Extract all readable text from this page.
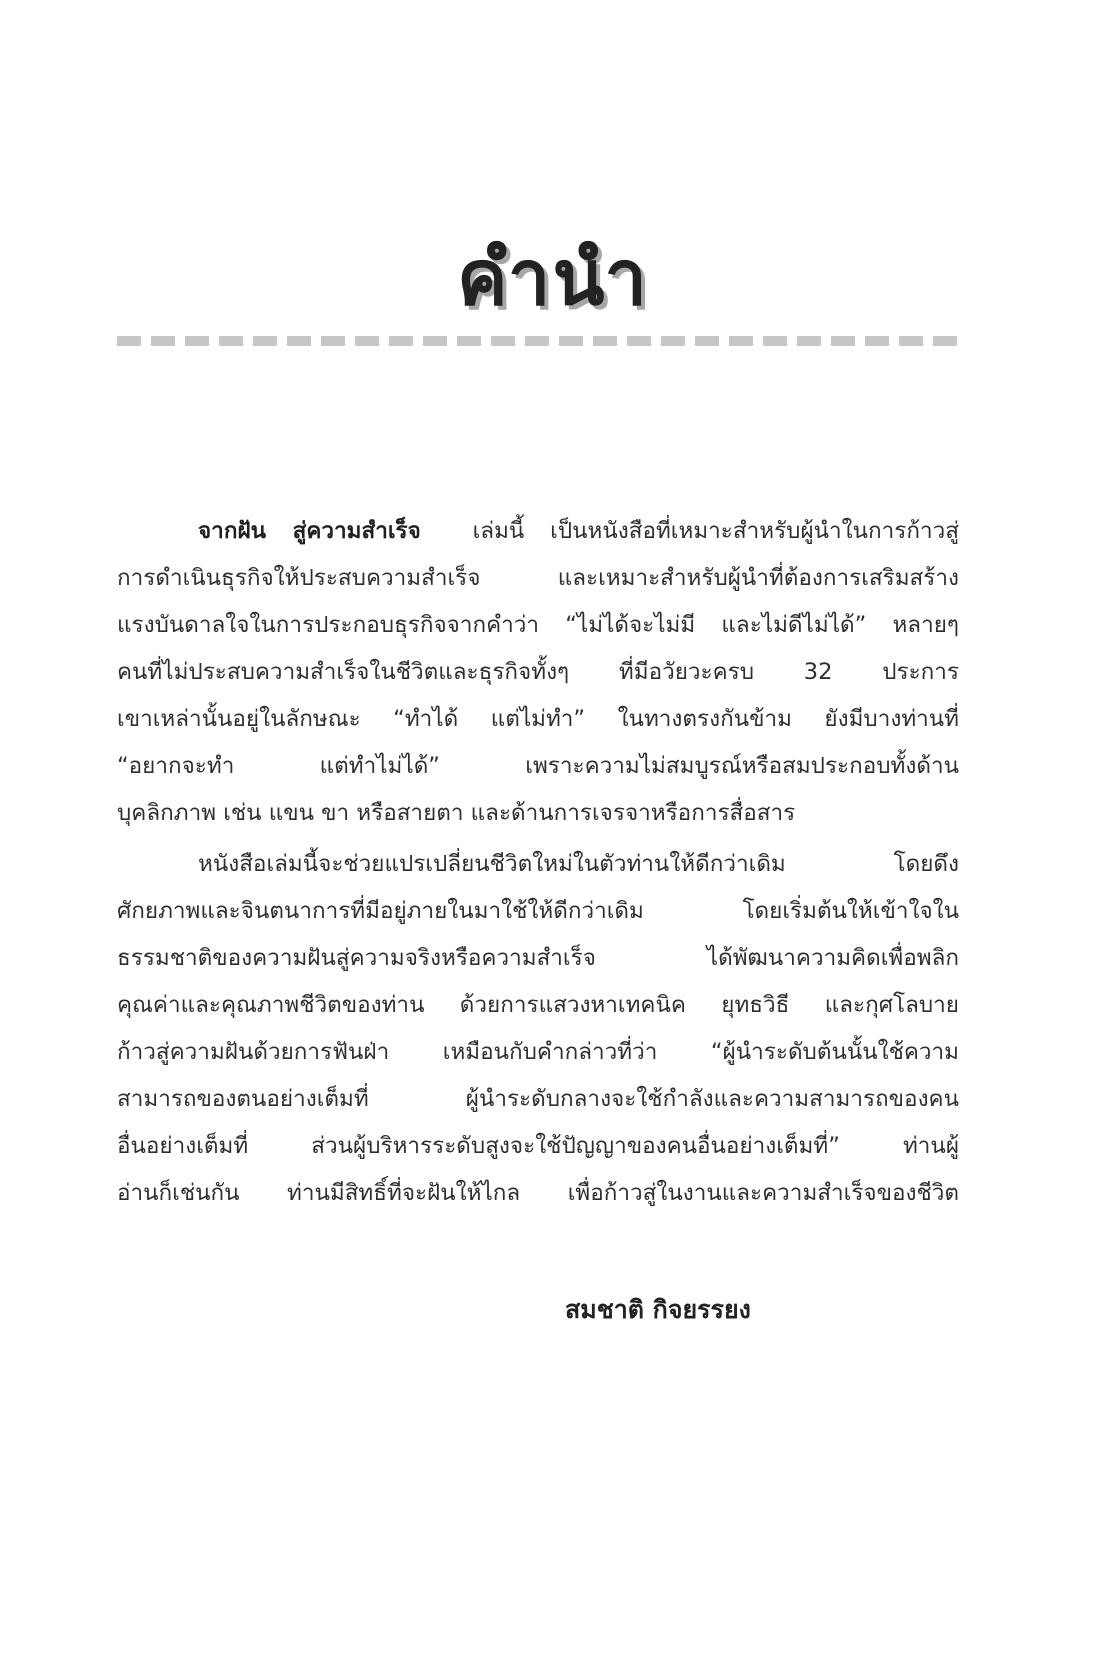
คำนำ
จากฝัน สู่ความสำเร็จ เล่มนี้ เป็นหนังสือที่เหมาะสำหรับผู้นำในการก้าวสู่
การดำเนินธุรกิจให้ประสบความสำเร็จ และเหมาะสำหรับผู้นำที่ต้องการเสริมสร้าง
แรงบันดาลใจในการประกอบธุรกิจจากคำว่า “ไม่ได้จะไม่มี และไม่ดีไม่ได้” หลายๆ
คนที่ไม่ประสบความสำเร็จในชีวิตและธุรกิจทั้งๆ ที่มีอวัยวะครบ 32 ประการ
เขาเหล่านั้นอยู่ในลักษณะ “ทำได้ แต่ไม่ทำ” ในทางตรงกันข้าม ยังมีบางท่านที่
“อยากจะทำ แต่ทำไม่ได้” เพราะความไม่สมบูรณ์หรือสมประกอบทั้งด้าน
บุคลิกภาพ เช่น แขน ขา หรือสายตา และด้านการเจรจาหรือการสื่อสาร
หนังสือเล่มนี้จะช่วยแปรเปลี่ยนชีวิตใหม่ในตัวท่านให้ดีกว่าเดิม โดยดึง
ศักยภาพและจินตนาการที่มีอยู่ภายในมาใช้ให้ดีกว่าเดิม โดยเริ่มต้นให้เข้าใจใน
ธรรมชาติของความฝันสู่ความจริงหรือความสำเร็จ ได้พัฒนาความคิดเพื่อพลิก
คุณค่าและคุณภาพชีวิตของท่าน ด้วยการแสวงหาเทคนิค ยุทธวิธี และกุศโลบาย
ก้าวสู่ความฝันด้วยการฟันฝ่า เหมือนกับคำกล่าวที่ว่า “ผู้นำระดับต้นนั้นใช้ความ
สามารถของตนอย่างเต็มที่ ผู้นำระดับกลางจะใช้กำลังและความสามารถของคน
อื่นอย่างเต็มที่ ส่วนผู้บริหารระดับสูงจะใช้ปัญญาของคนอื่นอย่างเต็มที่” ท่านผู้
อ่านก็เช่นกัน ท่านมีสิทธิ์ที่จะฝันให้ไกล เพื่อก้าวสู่ในงานและความสำเร็จของชีวิต
สมชาติ กิจยรรยง
